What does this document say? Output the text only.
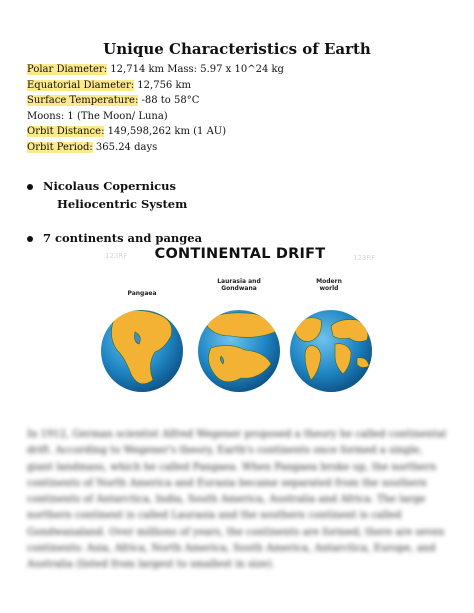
Unique Characteristics of Earth
Polar Diameter: 12,714 km Mass: 5.97 x 10^24 kg
Equatorial Diameter: 12,756 km
Surface Temperature: -88 to 58°C
Moons: 1 (The Moon/ Luna)
Orbit Distance: 149,598,262 km (1 AU)
Orbit Period: 365.24 days
Nicolaus Copernicus
Heliocentric System
7 continents and pangea
123RF	123RF
CONTINENTAL DRIFT
Pangaea
Laurasia and Gondwana
Modern world

In 1912, German scientist Alfred Wegener proposed a theory he called continental drift. According to Wegener's theory, Earth's continents once formed a single, giant landmass, which he called Pangaea. When Pangaea broke up, the northern continents of North America and Eurasia became separated from the southern continents of Antarctica, India, South America, Australia and Africa. The large northern continent is called Laurasia and the southern continent is called Gondwanaland. Over millions of years, the continents are formed; there are seven continents: Asia, Africa, North America, South America, Antarctica, Europe, and Australia (listed from largest to smallest in size).
